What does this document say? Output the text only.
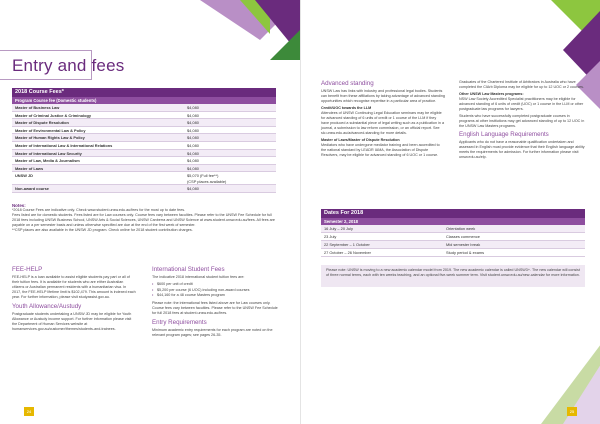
Entry and fees
2018 Course Fees*
Program Course fee (Domestic students)
Master of Business Law	$4,080
Master of Criminal Justice & Criminology	$4,080
Master of Dispute Resolution	$4,080
Master of Environmental Law & Policy	$4,080
Master of Human Rights Law & Policy	$4,080
Master of International Law & International Relations	$4,080
Master of International Law Security	$4,080
Master of Law, Media & Journalism	$4,080
Master of Laws	$4,080
UNSW JD	$5,070 (Full fee**)
(CSP places available)
Non-award course	$4,080
Notes:
*2018 Course Fees are indicative only. Check www.student.unsw.edu.au/fees for the most up to date fees.
Fees listed are for domestic students. Fees listed are for Law courses only. Course fees vary between faculties. Please refer to the UNSW Fee Schedule for full 2018 fees including UNSW Business School, UNSW Arts & Social Sciences, UNSW Canberra and UNSW Science at www.student.unsw.edu.au/fees. All fees are payable on a per semester basis and unless otherwise specified are due at the end of the first week of semester.
**CSP places are also available in the UNSW JD program. Check online for 2018 student contribution charges.
FEE-HELP
FEE-HELP is a loan available to assist eligible students pay part or all of their tuition fees. It is available for students who are either Australian citizens or Australian permanent residents with a humanitarian visa. In 2017, the FEE-HELP lifetime limit is $102,479. This amount is indexed each year. For further information, please visit studyassist.gov.au.
Youth Allowance/Austudy
Postgraduate students undertaking a UNSW JD may be eligible for Youth Allowance or Austudy income support. For further information please visit the Department of Human Services website at humanservices.gov.au/customer/themes/students-and-trainees.
International Student Fees
The indicative 2018 international student tuition fees are:
• $600 per unit of credit
• $5,200 per course (6 UOC) including non-award courses
• $44,160 for a 48 course Masters program
Please note: the international fees listed above are for Law courses only. Course fees vary between faculties. Please refer to the UNSW Fee Schedule for full 2018 fees at student.unsw.edu.au/fees.
Entry Requirements
Minimum academic entry requirements for each program are noted on the relevant program pages; see pages 26-35.
24
Advanced standing
UNSW Law has links with industry and professional legal bodies. Students can benefit from these affiliations by taking advantage of advanced standing opportunities which recognise expertise in a particular area of practice.
Credit/UOC towards the LLM
Attendees of UNSW Continuing Legal Education seminars may be eligible for advanced standing of 6 units of credit or 1 course of the LLM if they have produced a substantial piece of legal writing such as a publication in a journal, a submission to law reform commission, or an official report. See slc.unsw.edu.au/advanced-standing for more details.
Master of Laws/Master of Dispute Resolution
Mediators who have undergone mediator training and been accredited to the national standard by LEADR IAMA, the Association of Dispute Resolvers, may be eligible for advanced standing of 6 UOC or 1 course.
Graduates of the Chartered Institute of Arbitrators in Australia who have completed the CIArb Diploma may be eligible for up to 12 UOC or 2 courses.
Other UNSW Law Masters programs:
NSW Law Society Accredited Specialist practitioners may be eligible for advanced standing of 6 units of credit (UOC) or 1 course in the LLM or other postgraduate law programs for lawyers.
Students who have successfully completed postgraduate courses in programs at other institutions may get advanced standing of up to 12 UOC in the UNSW Law Masters programs.
English Language Requirements
Applicants who do not have a reasonable qualification undertaken and assessed in English must provide evidence that their English language ability meets the requirements for admission. For further information please visit unsw.edu.au/elp.
Dates For 2018
Semester 2, 2018
16 July – 20 July	Orientation week
23 July	Classes commence
22 September – 1 October	Mid semester break
27 October – 26 November	Study period & exams
Please note: UNSW is moving to a new academic calendar model from 2019. The new academic calendar is called UNSW3+. The new calendar will consist of three normal terms, each with ten weeks teaching, and an optional five-week summer term. Visit student.unsw.edu.au/new-calendar for more information.
25
